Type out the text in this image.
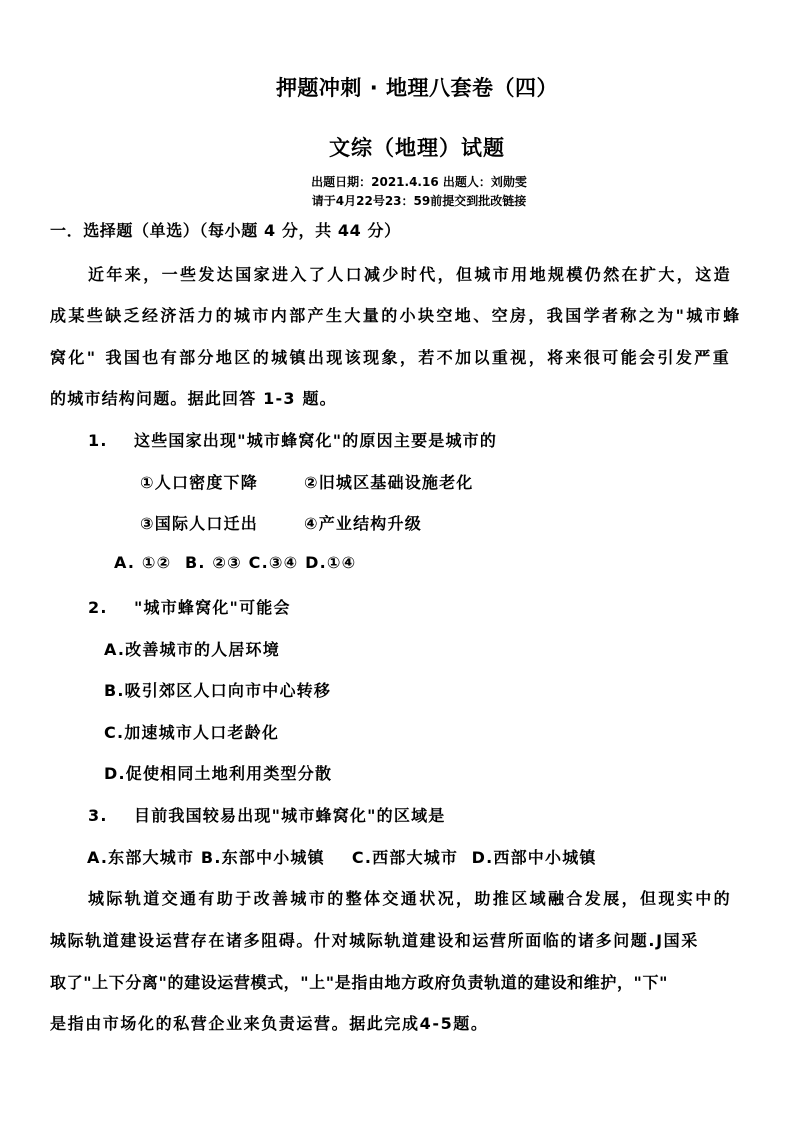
押题冲刺 · 地理八套卷（四）
文综（地理）试题
出题日期：2021.4.16 出题人：刘勋雯
请于4月22号23：59前提交到批改链接
一．选择题（单选）（每小题 4 分，共 44 分）
近年来，一些发达国家进入了人口减少时代，但城市用地规模仍然在扩大，这造
成某些缺乏经济活力的城市内部产生大量的小块空地、空房，我国学者称之为"城市蜂
窝化" 我国也有部分地区的城镇出现该现象，若不加以重视，将来很可能会引发严重
的城市结构问题。据此回答 1-3 题。
1. 这些国家出现"城市蜂窝化"的原因主要是城市的
①人口密度下降	②旧城区基础设施老化
③国际人口迁出	④产业结构升级
A. ①②  B. ②③ C.③④ D.①④
2. "城市蜂窝化"可能会
A.改善城市的人居环境
B.吸引郊区人口向市中心转移
C.加速城市人口老龄化
D.促使相同土地利用类型分散
3. 目前我国较易出现"城市蜂窝化"的区域是
A.东部大城市 B.东部中小城镇    C.西部大城市  D.西部中小城镇
城际轨道交通有助于改善城市的整体交通状况，助推区域融合发展，但现实中的
城际轨道建设运营存在诸多阻碍。什对城际轨道建设和运营所面临的诸多问题.J国采
取了"上下分离"的建设运营模式，"上"是指由地方政府负责轨道的建设和维护，"下"
是指由市场化的私营企业来负责运营。据此完成4-5题。
